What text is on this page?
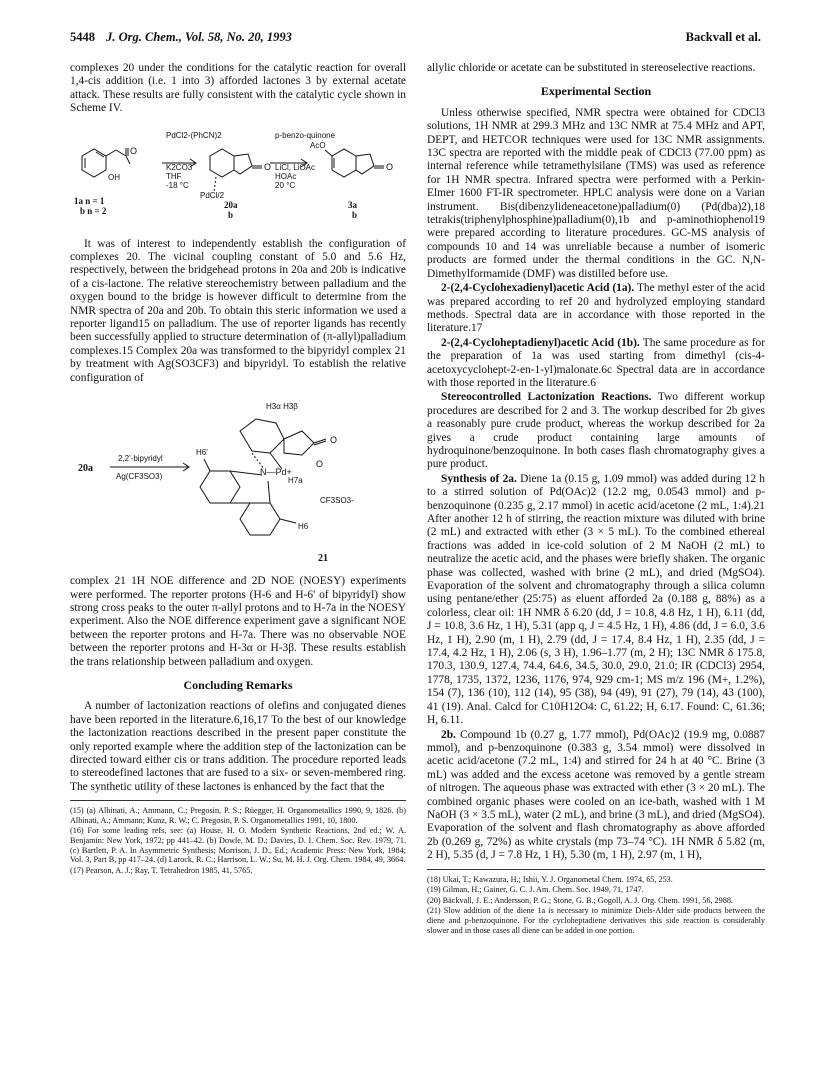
5448 J. Org. Chem., Vol. 58, No. 20, 1993	Backvall et al.

complexes 20 under the conditions for the catalytic reaction for overall 1,4-cis addition (i.e. 1 into 3) afforded lactones 3 by external acetate attack. These results are fully consistent with the catalytic cycle shown in Scheme IV.

O
OH
PdCl2-(PhCN)2
K2CO3
THF
-18 °C
PdCl/2
O
p-benzo-quinone
LiCl, LiOAc
HOAc
20 °C
AcO
O
1a n = 1
b n = 2
20a
b
3a
b

It was of interest to independently establish the configuration of complexes 20. The vicinal coupling constant of 5.0 and 5.6 Hz, respectively, between the bridgehead protons in 20a and 20b is indicative of a cis-lactone. The relative stereochemistry between palladium and the oxygen bound to the bridge is however difficult to determine from the NMR spectra of 20a and 20b. To obtain this steric information we used a reporter ligand15 on palladium. The use of reporter ligands has recently been successfully applied to structure determination of (π-allyl)palladium complexes.15 Complex 20a was transformed to the bipyridyl complex 21 by treatment with Ag(SO3CF3) and bipyridyl. To establish the relative configuration of

20a
2,2'-bipyridyl
Ag(CF3SO3)	N—Pd+
H6'
H6
H7a
H3α H3β
CF3SO3-
O
O
21

complex 21 1H NOE difference and 2D NOE (NOESY) experiments were performed. The reporter protons (H-6 and H-6' of bipyridyl) show strong cross peaks to the outer π-allyl protons and to H-7a in the NOESY experiment. Also the NOE difference experiment gave a significant NOE between the reporter protons and H-7a. There was no observable NOE between the reporter protons and H-3α or H-3β. These results establish the trans relationship between palladium and oxygen.

Concluding Remarks

A number of lactonization reactions of olefins and conjugated dienes have been reported in the literature.6,16,17 To the best of our knowledge the lactonization reactions described in the present paper constitute the only reported example where the addition step of the lactonization can be directed toward either cis or trans addition. The procedure reported leads to stereodefined lactones that are fused to a six- or seven-membered ring. The synthetic utility of these lactones is enhanced by the fact that the

(15) (a) Albinati, A.; Ammann, C.; Pregosin, P. S.; Rüegger, H. Organometallics 1990, 9, 1826. (b) Albinati, A.; Ammann; Kunz, R. W.; C. Pregosin, P. S. Organometallics 1991, 10, 1800.

(16) For some leading refs, see: (a) House, H. O. Modern Synthetic Reactions, 2nd ed.; W. A. Benjamin: New York, 1972; pp 441–42. (b) Dowle, M. D.; Davies, D. I. Chem. Soc. Rev. 1979, 71. (c) Bartlett, P. A. In Asymmetric Synthesis; Morrison, J. D., Ed.; Academic Press: New York, 1984; Vol. 3, Part B, pp 417–24. (d) Larock, R. C.; Harrison, L. W.; Su, M. H. J. Org. Chem. 1984, 49, 3664.

(17) Pearson, A. J.; Ray, T. Tetrahedron 1985, 41, 5765.

allylic chloride or acetate can be substituted in stereoselective reactions.

Experimental Section

Unless otherwise specified, NMR spectra were obtained for CDCl3 solutions, 1H NMR at 299.3 MHz and 13C NMR at 75.4 MHz and APT, DEPT, and HETCOR techniques were used for 13C NMR assignments. 13C spectra are reported with the middle peak of CDCl3 (77.00 ppm) as internal reference while tetramethylsilane (TMS) was used as reference for 1H NMR spectra. Infrared spectra were performed with a Perkin-Elmer 1600 FT-IR spectrometer. HPLC analysis were done on a Varian instrument. Bis(dibenzylideneacetone)palladium(0) (Pd(dba)2),18 tetrakis(triphenylphosphine)palladium(0),1b and p-aminothiophenol19 were prepared according to literature procedures. GC-MS analysis of compounds 10 and 14 was unreliable because a number of isomeric products are formed under the thermal conditions in the GC. N,N-Dimethylformamide (DMF) was distilled before use.

2-(2,4-Cyclohexadienyl)acetic Acid (1a). The methyl ester of the acid was prepared according to ref 20 and hydrolyzed employing standard methods. Spectral data are in accordance with those reported in the literature.17

2-(2,4-Cycloheptadienyl)acetic Acid (1b). The same procedure as for the preparation of 1a was used starting from dimethyl (cis-4-acetoxycyclohept-2-en-1-yl)malonate.6c Spectral data are in accordance with those reported in the literature.6

Stereocontrolled Lactonization Reactions. Two different workup procedures are described for 2 and 3. The workup described for 2b gives a reasonably pure crude product, whereas the workup described for 2a gives a crude product containing large amounts of hydroquinone/benzoquinone. In both cases flash chromatography gives a pure product.

Synthesis of 2a. Diene 1a (0.15 g, 1.09 mmol) was added during 12 h to a stirred solution of Pd(OAc)2 (12.2 mg, 0.0543 mmol) and p-benzoquinone (0.235 g, 2.17 mmol) in acetic acid/acetone (2 mL, 1:4).21 After another 12 h of stirring, the reaction mixture was diluted with brine (2 mL) and extracted with ether (3 × 5 mL). To the combined ethereal fractions was added in ice-cold solution of 2 M NaOH (2 mL) to neutralize the acetic acid, and the phases were briefly shaken. The organic phase was collected, washed with brine (2 mL), and dried (MgSO4). Evaporation of the solvent and chromatography through a silica column using pentane/ether (25:75) as eluent afforded 2a (0.188 g, 88%) as a colorless, clear oil: 1H NMR δ 6.20 (dd, J = 10.8, 4.8 Hz, 1 H), 6.11 (dd, J = 10.8, 3.6 Hz, 1 H), 5.31 (app q, J = 4.5 Hz, 1 H), 4.86 (dd, J = 6.0, 3.6 Hz, 1 H), 2.90 (m, 1 H), 2.79 (dd, J = 17.4, 8.4 Hz, 1 H), 2.35 (dd, J = 17.4, 4.2 Hz, 1 H), 2.06 (s, 3 H), 1.96–1.77 (m, 2 H); 13C NMR δ 175.8, 170.3, 130.9, 127.4, 74.4, 64.6, 34.5, 30.0, 29.0, 21.0; IR (CDCl3) 2954, 1778, 1735, 1372, 1236, 1176, 974, 929 cm-1; MS m/z 196 (M+, 1.2%), 154 (7), 136 (10), 112 (14), 95 (38), 94 (49), 91 (27), 79 (14), 43 (100), 41 (19). Anal. Calcd for C10H12O4: C, 61.22; H, 6.17. Found: C, 61.36; H, 6.11.

2b. Compound 1b (0.27 g, 1.77 mmol), Pd(OAc)2 (19.9 mg, 0.0887 mmol), and p-benzoquinone (0.383 g, 3.54 mmol) were dissolved in acetic acid/acetone (7.2 mL, 1:4) and stirred for 24 h at 40 °C. Brine (3 mL) was added and the excess acetone was removed by a gentle stream of nitrogen. The aqueous phase was extracted with ether (3 × 20 mL). The combined organic phases were cooled on an ice-bath, washed with 1 M NaOH (3 × 3.5 mL), water (2 mL), and brine (3 mL), and dried (MgSO4). Evaporation of the solvent and flash chromatography as above afforded 2b (0.269 g, 72%) as white crystals (mp 73–74 °C). 1H NMR δ 5.82 (m, 2 H), 5.35 (d, J = 7.8 Hz, 1 H), 5.30 (m, 1 H), 2.97 (m, 1 H),

(18) Ukai, T.; Kawazura, H.; Ishii, Y. J. Organometal Chem. 1974, 65, 253.

(19) Gilman, H.; Gainer, G. C. J. Am. Chem. Soc. 1949, 71, 1747.

(20) Bäckvall, J. E.; Andersson, P. G.; Stone, G. B.; Gogoll, A. J. Org. Chem. 1991, 56, 2988.

(21) Slow addition of the diene 1a is necessary to minimize Diels-Alder side products between the diene and p-benzoquinone. For the cycloheptadiene derivatives this side reaction is considerably slower and in those cases all diene can be added in one portion.
